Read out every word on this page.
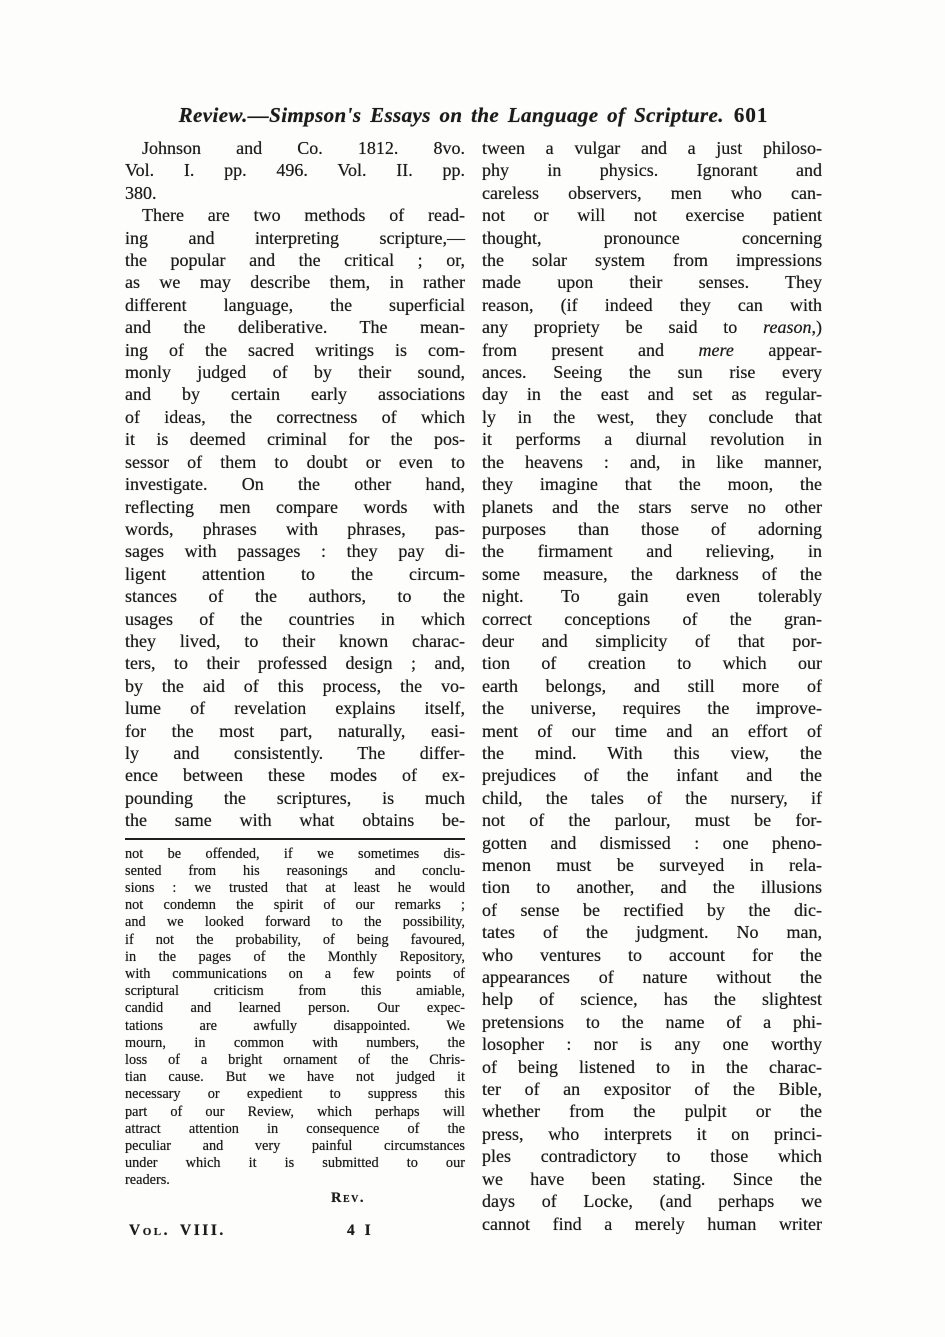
Review.—Simpson's Essays on the Language of Scripture. 601
Johnson and Co. 1812. 8vo.
Vol. I. pp. 496. Vol. II. pp.
380.
There are two methods of read-
ing and interpreting scripture,—
the popular and the critical ; or,
as we may describe them, in rather
different language, the superficial
and the deliberative. The mean-
ing of the sacred writings is com-
monly judged of by their sound,
and by certain early associations
of ideas, the correctness of which
it is deemed criminal for the pos-
sessor of them to doubt or even to
investigate. On the other hand,
reflecting men compare words with
words, phrases with phrases, pas-
sages with passages : they pay di-
ligent attention to the circum-
stances of the authors, to the
usages of the countries in which
they lived, to their known charac-
ters, to their professed design ; and,
by the aid of this process, the vo-
lume of revelation explains itself,
for the most part, naturally, easi-
ly and consistently. The differ-
ence between these modes of ex-
pounding the scriptures, is much
the same with what obtains be-
not be offended, if we sometimes dis-
sented from his reasonings and conclu-
sions : we trusted that at least he would
not condemn the spirit of our remarks ;
and we looked forward to the possibility,
if not the probability, of being favoured,
in the pages of the Monthly Repository,
with communications on a few points of
scriptural criticism from this amiable,
candid and learned person. Our expec-
tations are awfully disappointed. We
mourn, in common with numbers, the
loss of a bright ornament of the Chris-
tian cause. But we have not judged it
necessary or expedient to suppress this
part of our Review, which perhaps will
attract attention in consequence of the
peculiar and very painful circumstances
under which it is submitted to our
readers.
Rev.
Vol. VIII.	4 I
tween a vulgar and a just philoso-
phy in physics. Ignorant and
careless observers, men who can-
not or will not exercise patient
thought, pronounce concerning
the solar system from impressions
made upon their senses. They
reason, (if indeed they can with
any propriety be said to reason,)
from present and mere appear-
ances. Seeing the sun rise every
day in the east and set as regular-
ly in the west, they conclude that
it performs a diurnal revolution in
the heavens : and, in like manner,
they imagine that the moon, the
planets and the stars serve no other
purposes than those of adorning
the firmament and relieving, in
some measure, the darkness of the
night. To gain even tolerably
correct conceptions of the gran-
deur and simplicity of that por-
tion of creation to which our
earth belongs, and still more of
the universe, requires the improve-
ment of our time and an effort of
the mind. With this view, the
prejudices of the infant and the
child, the tales of the nursery, if
not of the parlour, must be for-
gotten and dismissed : one pheno-
menon must be surveyed in rela-
tion to another, and the illusions
of sense be rectified by the dic-
tates of the judgment. No man,
who ventures to account for the
appearances of nature without the
help of science, has the slightest
pretensions to the name of a phi-
losopher : nor is any one worthy
of being listened to in the charac-
ter of an expositor of the Bible,
whether from the pulpit or the
press, who interprets it on princi-
ples contradictory to those which
we have been stating. Since the
days of Locke, (and perhaps we
cannot find a merely human writer
